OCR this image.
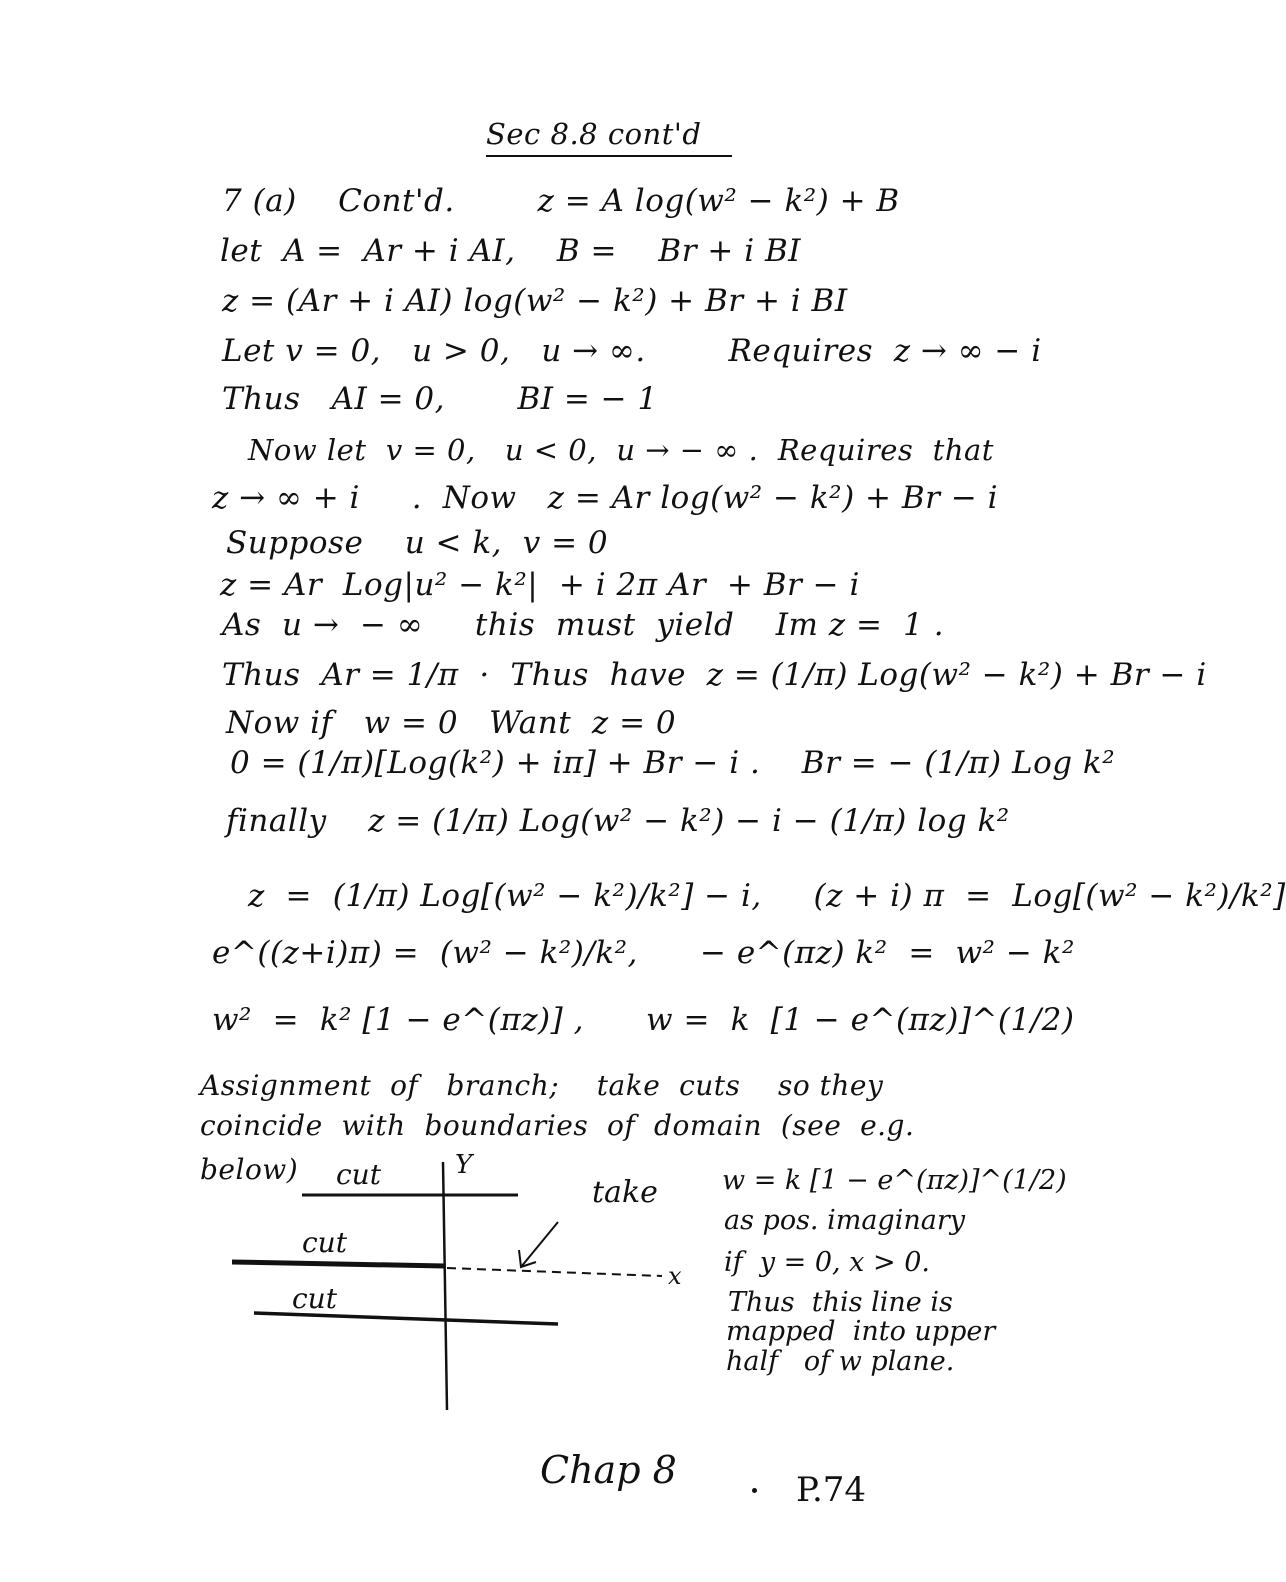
Sec 8.8 cont'd
7 (a)    Cont'd.        z = A log(w² − k²) + B
let  A =  Ar + i AI,    B =    Br + i BI
z = (Ar + i AI) log(w² − k²) + Br + i BI
Let v = 0,   u > 0,   u → ∞.        Requires  z → ∞ − i
Thus   AI = 0,       BI = − 1
Now let  v = 0,   u < 0,  u → − ∞ .  Requires  that
z → ∞ + i     .  Now   z = Ar log(w² − k²) + Br − i
Suppose    u < k,  v = 0
z = Ar  Log|u² − k²|  + i 2π Ar  + Br − i
As  u →  − ∞     this  must  yield    Im z =  1 .
Thus  Ar = 1/π  ·  Thus  have  z = (1/π) Log(w² − k²) + Br − i
Now if   w = 0   Want  z = 0
0 = (1/π)[Log(k²) + iπ] + Br − i .    Br = − (1/π) Log k²
finally    z = (1/π) Log(w² − k²) − i − (1/π) log k²
z  =  (1/π) Log[(w² − k²)/k²] − i,     (z + i) π  =  Log[(w² − k²)/k²]
e^((z+i)π) =  (w² − k²)/k²,      − e^(πz) k²  =  w² − k²
w²  =  k² [1 − e^(πz)] ,      w =  k  [1 − e^(πz)]^(1/2)
Assignment  of   branch;    take  cuts    so they
coincide  with  boundaries  of  domain  (see  e.g.
below) cut
cut
cut
Y
x
take w = k [1 − e^(πz)]^(1/2)
as pos. imaginary
if  y = 0, x > 0.
Thus  this line is
mapped  into upper
half   of w plane.
Chap 8	P.74
